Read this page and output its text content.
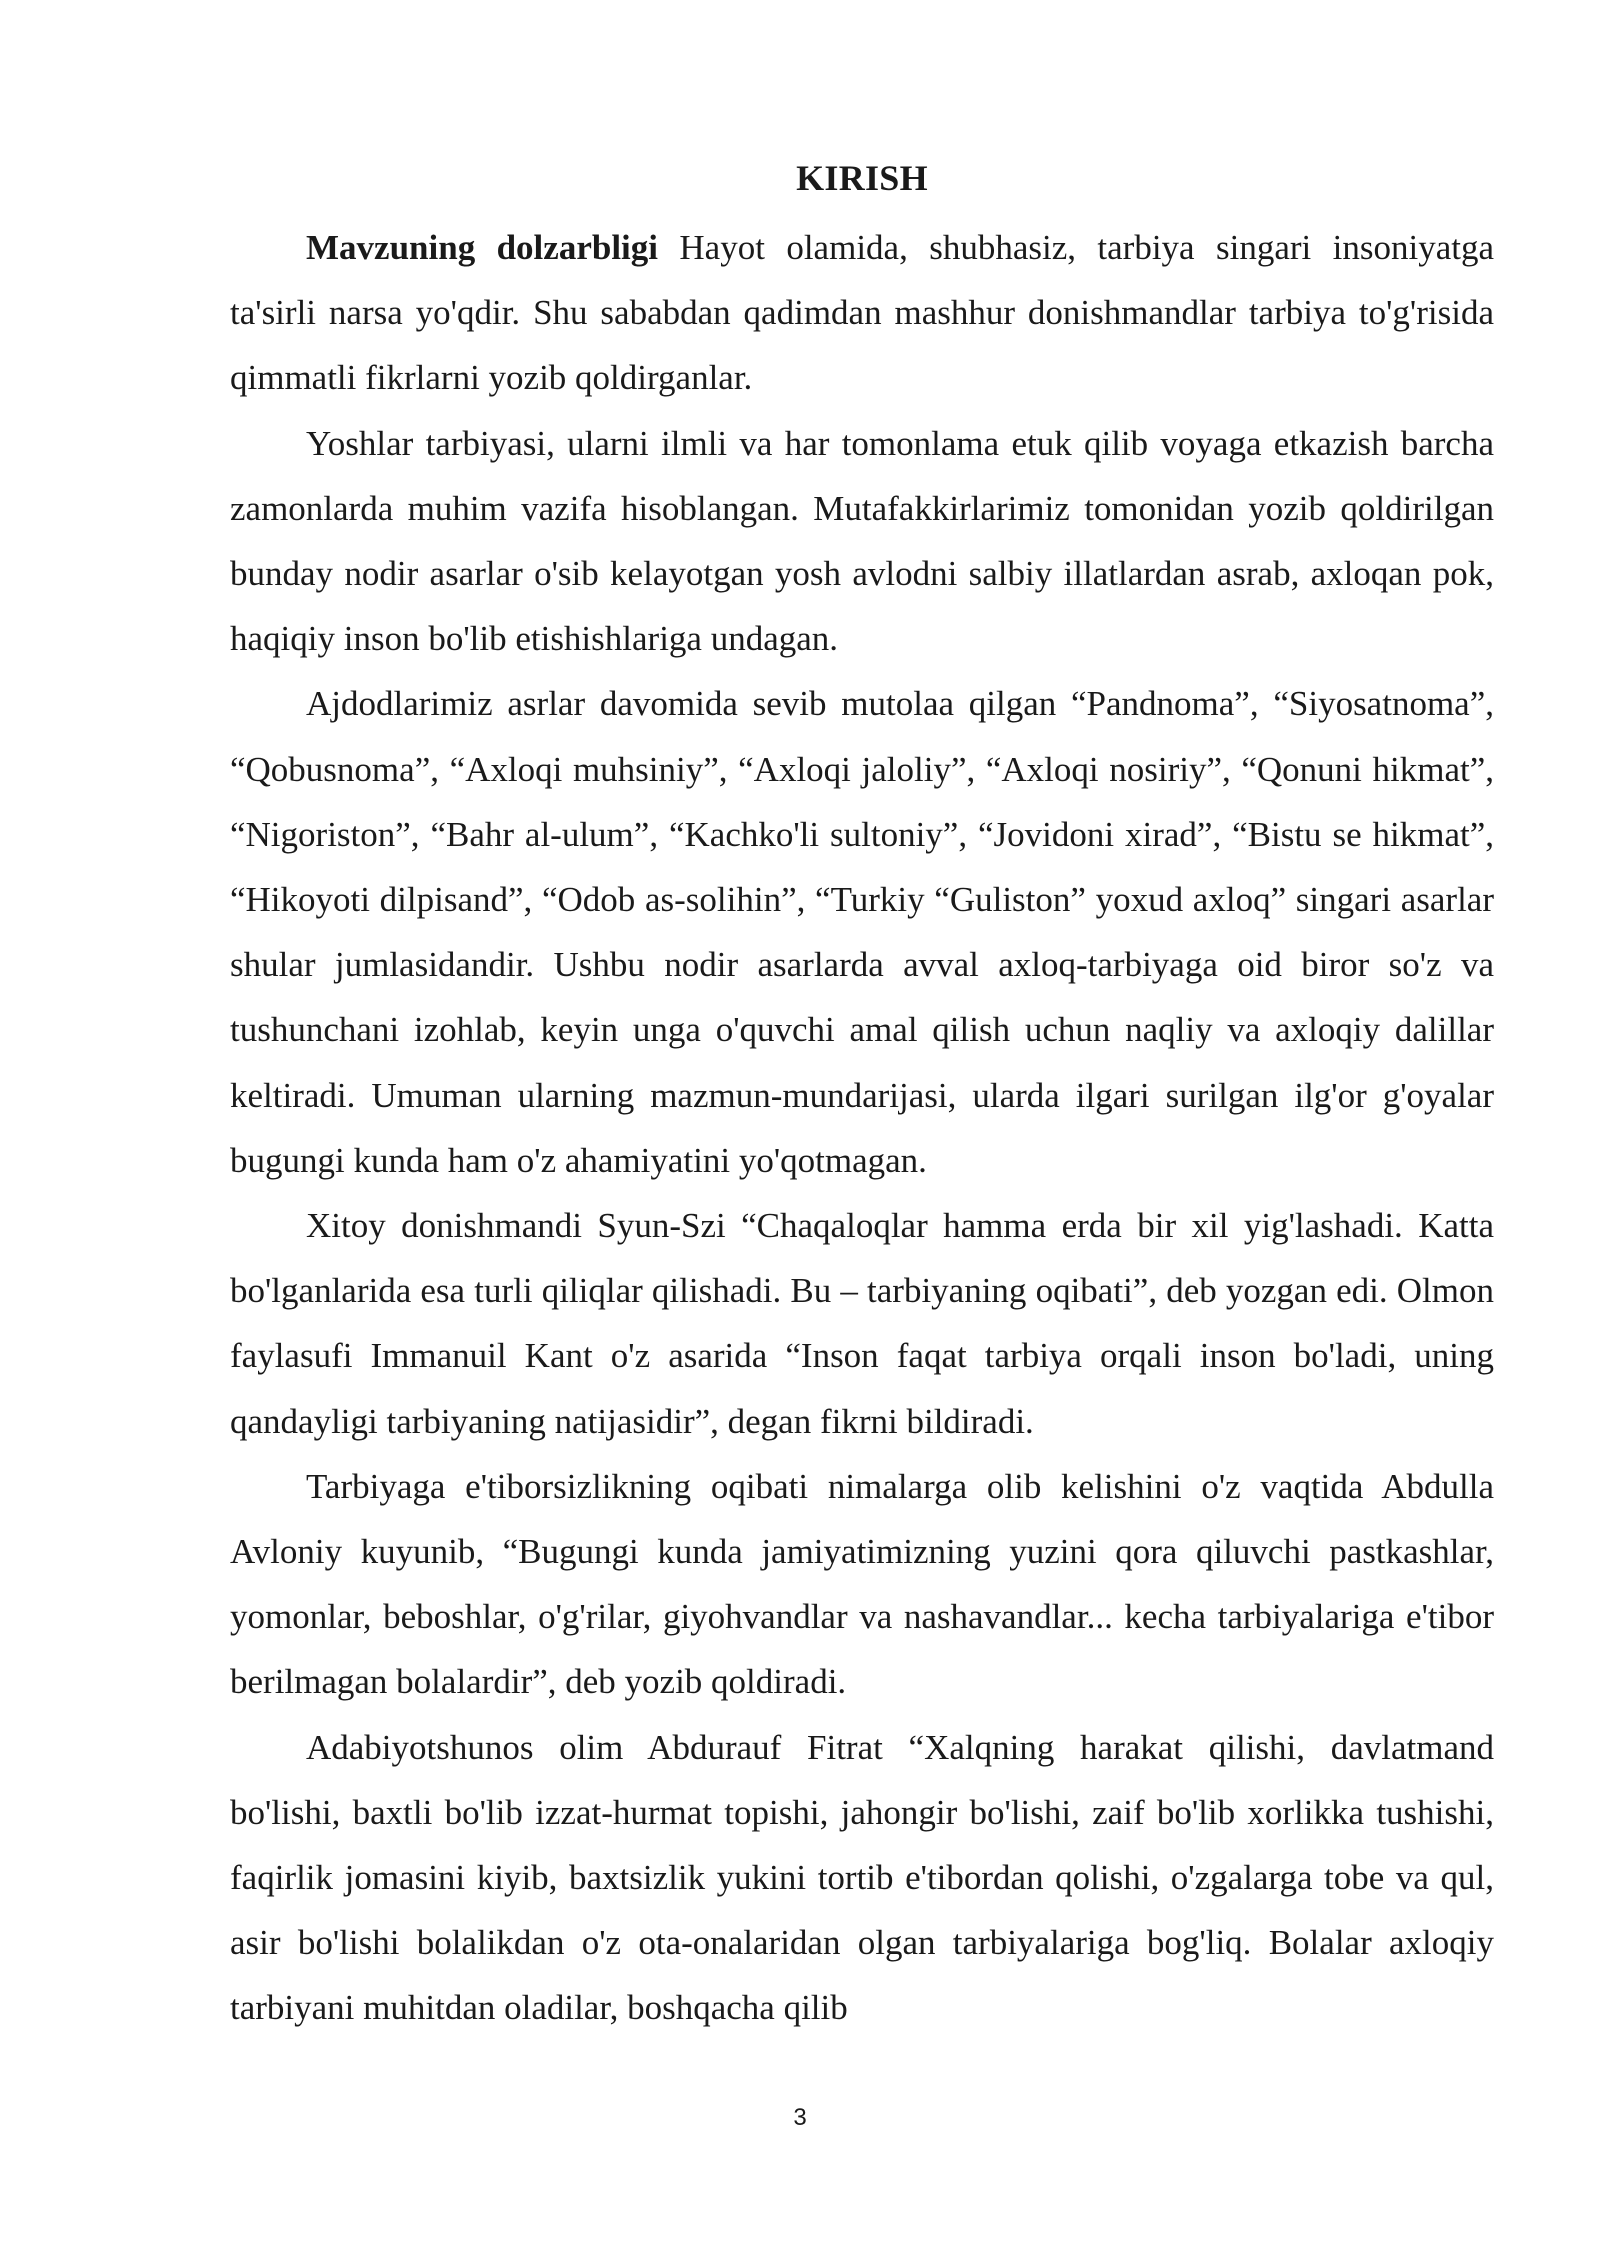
KIRISH

Mavzuning dolzarbligi Hayot olamida, shubhasiz, tarbiya singari insoniyatga ta'sirli narsa yo'qdir. Shu sababdan qadimdan mashhur donishmandlar tarbiya to'g'risida qimmatli fikrlarni yozib qoldirganlar.

Yoshlar tarbiyasi, ularni ilmli va har tomonlama etuk qilib voyaga etkazish barcha zamonlarda muhim vazifa hisoblangan. Mutafakkirlarimiz tomonidan yozib qoldirilgan bunday nodir asarlar o'sib kelayotgan yosh avlodni salbiy illatlardan asrab, axloqan pok, haqiqiy inson bo'lib etishishlariga undagan.

Ajdodlarimiz asrlar davomida sevib mutolaa qilgan “Pandnoma”, “Siyosatnoma”, “Qobusnoma”, “Axloqi muhsiniy”, “Axloqi jaloliy”, “Axloqi nosiriy”, “Qonuni hikmat”, “Nigoriston”, “Bahr al-ulum”, “Kachko'li sultoniy”, “Jovidoni xirad”, “Bistu se hikmat”, “Hikoyoti dilpisand”, “Odob as-solihin”, “Turkiy “Guliston” yoxud axloq” singari asarlar shular jumlasidandir. Ushbu nodir asarlarda avval axloq-tarbiyaga oid biror so'z va tushunchani izohlab, keyin unga o'quvchi amal qilish uchun naqliy va axloqiy dalillar keltiradi. Umuman ularning mazmun-mundarijasi, ularda ilgari surilgan ilg'or g'oyalar bugungi kunda ham o'z ahamiyatini yo'qotmagan.

Xitoy donishmandi Syun-Szi “Chaqaloqlar hamma erda bir xil yig'lashadi. Katta bo'lganlarida esa turli qiliqlar qilishadi. Bu – tarbiyaning oqibati”, deb yozgan edi. Olmon faylasufi Immanuil Kant o'z asarida “Inson faqat tarbiya orqali inson bo'ladi, uning qandayligi tarbiyaning natijasidir”, degan fikrni bildiradi.

Tarbiyaga e'tiborsizlikning oqibati nimalarga olib kelishini o'z vaqtida Abdulla Avloniy kuyunib, “Bugungi kunda jamiyatimizning yuzini qora qiluvchi pastkashlar, yomonlar, beboshlar, o'g'rilar, giyohvandlar va nashavandlar... kecha tarbiyalariga e'tibor berilmagan bolalardir”, deb yozib qoldiradi.

Adabiyotshunos olim Abdurauf Fitrat “Xalqning harakat qilishi, davlatmand bo'lishi, baxtli bo'lib izzat-hurmat topishi, jahongir bo'lishi, zaif bo'lib xorlikka tushishi, faqirlik jomasini kiyib, baxtsizlik yukini tortib e'tibordan qolishi, o'zgalarga tobe va qul, asir bo'lishi bolalikdan o'z ota-onalaridan olgan tarbiyalariga bog'liq. Bolalar axloqiy tarbiyani muhitdan oladilar, boshqacha qilib

3
